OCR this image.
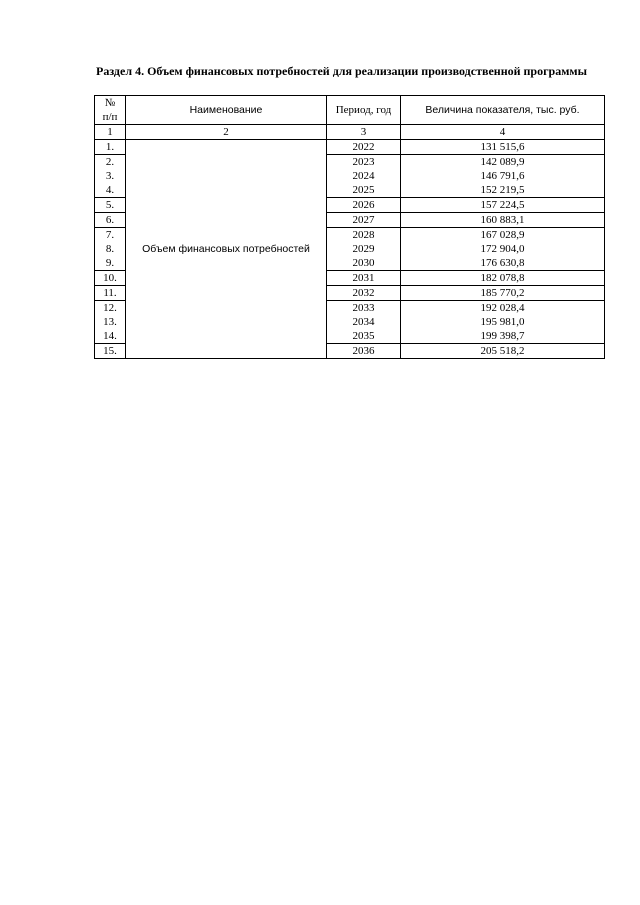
Раздел 4. Объем финансовых потребностей для реализации производственной программы

№
п/п	Наименование	Период, год	Величина показателя, тыс. руб.
1	2	3	4
1.	Объем финансовых потребностей	2022	131 515,6
2.		2023	142 089,9
3.		2024	146 791,6
4.		2025	152 219,5
5.		2026	157 224,5
6.		2027	160 883,1
7.		2028	167 028,9
8.		2029	172 904,0
9.		2030	176 630,8
10.		2031	182 078,8
11.		2032	185 770,2
12.		2033	192 028,4
13.		2034	195 981,0
14.		2035	199 398,7
15.		2036	205 518,2
